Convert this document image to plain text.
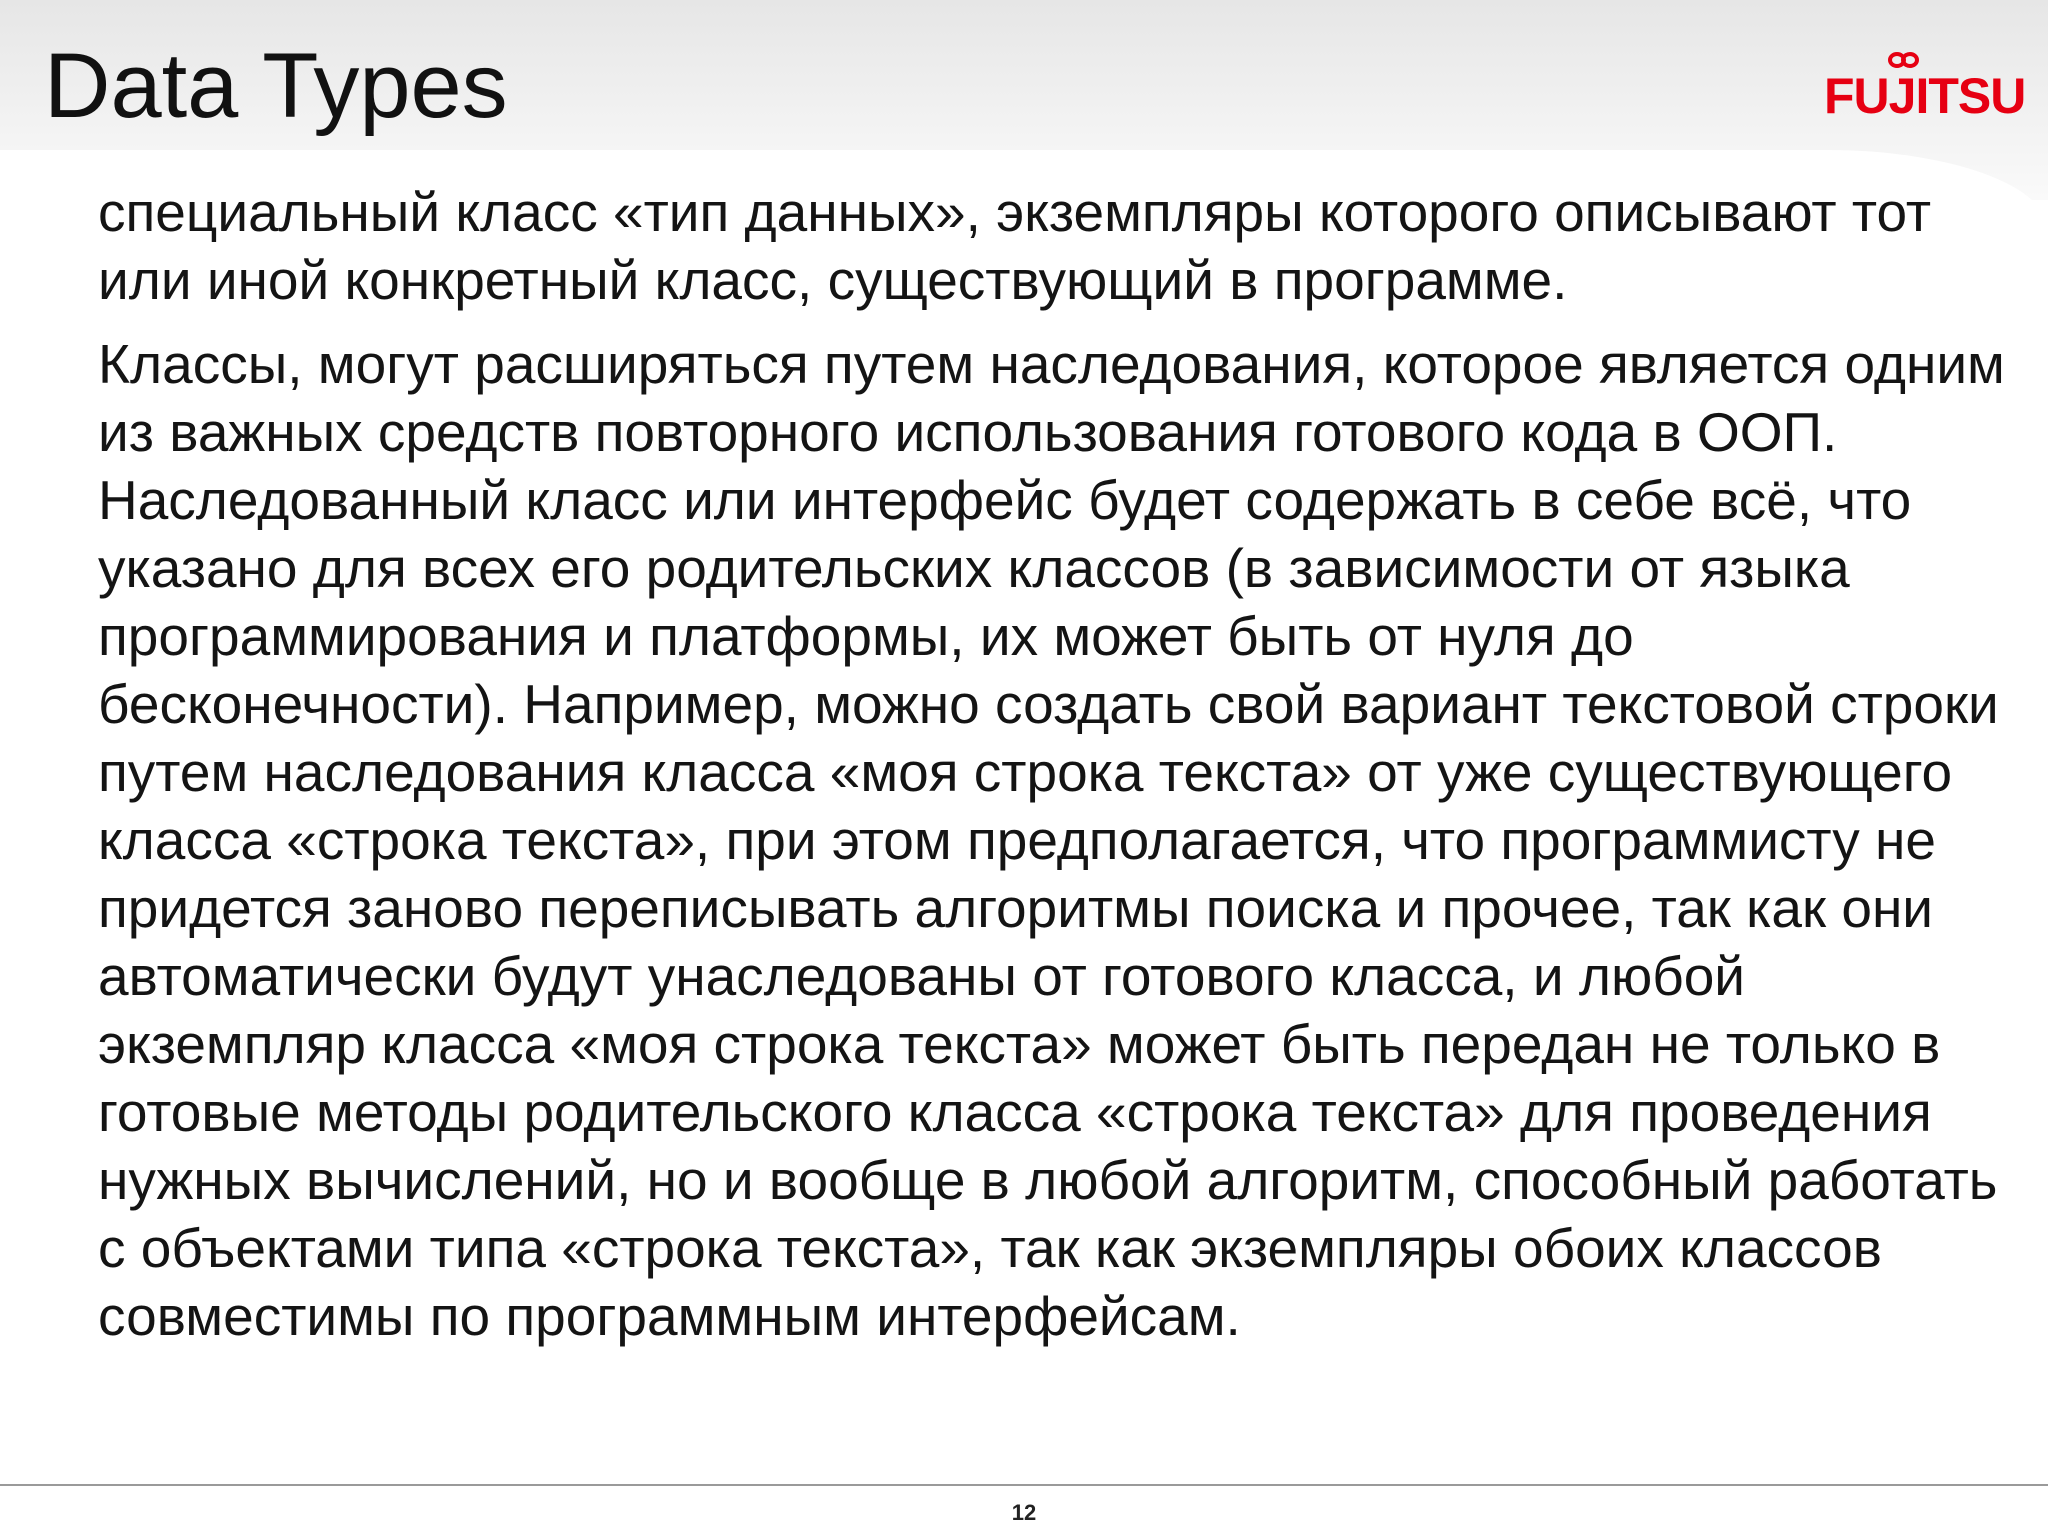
Data Types	FUJITSU

специальный класс «тип данных», экземпляры которого описывают тот или иной конкретный класс, существующий в программе.

Классы, могут расширяться путем наследования, которое является одним из важных средств повторного использования готового кода в ООП. Наследованный класс или интерфейс будет содержать в себе всё, что указано для всех его родительских классов (в зависимости от языка программирования и платформы, их может быть от нуля до бесконечности). Например, можно создать свой вариант текстовой строки путем наследования класса «моя строка текста» от уже существующего класса «строка текста», при этом предполагается, что программисту не придется заново переписывать алгоритмы поиска и прочее, так как они автоматически будут унаследованы от готового класса, и любой экземпляр класса «моя строка текста» может быть передан не только в готовые методы родительского класса «строка текста» для проведения нужных вычислений, но и вообще в любой алгоритм, способный работать с объектами типа «строка текста», так как экземпляры обоих классов совместимы по программным интерфейсам.

12
